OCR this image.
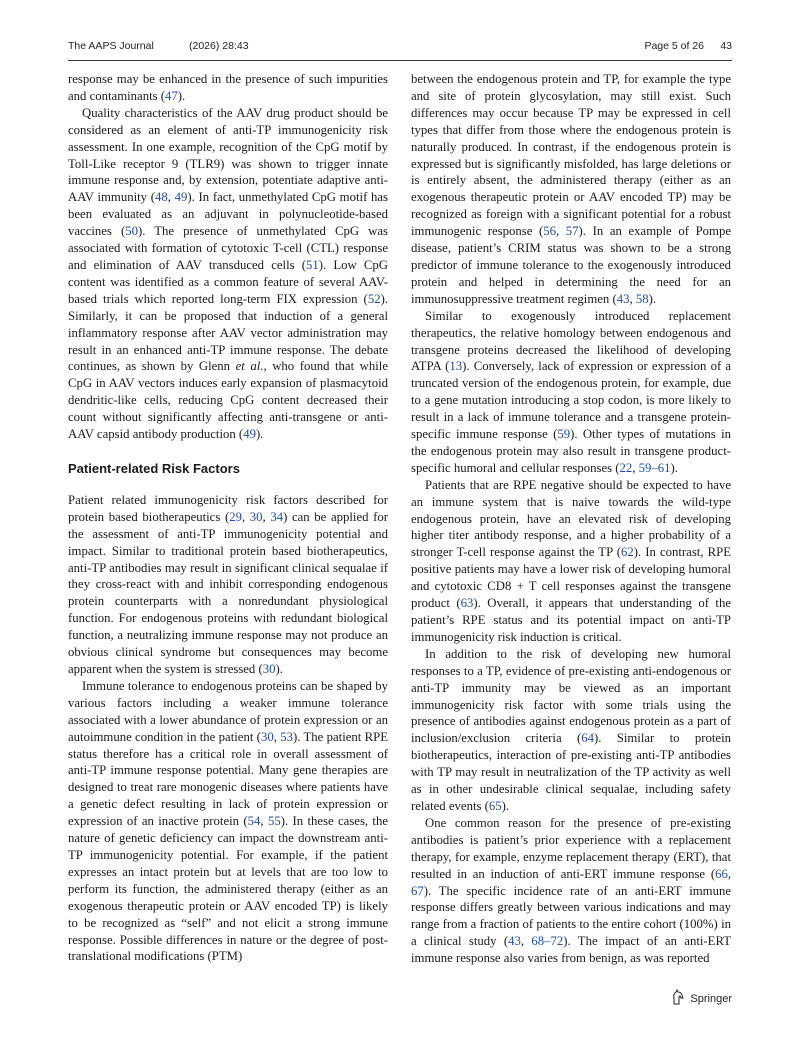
The AAPS Journal	(2026) 28:43	Page 5 of 26 43

response may be enhanced in the presence of such impurities and contaminants (47).

Quality characteristics of the AAV drug product should be considered as an element of anti-TP immunogenicity risk assessment. In one example, recognition of the CpG motif by Toll-Like receptor 9 (TLR9) was shown to trigger innate immune response and, by extension, potentiate adaptive anti-AAV immunity (48, 49). In fact, unmethylated CpG motif has been evaluated as an adjuvant in polynucleotide-based vaccines (50). The presence of unmethylated CpG was associated with formation of cytotoxic T-cell (CTL) response and elimination of AAV transduced cells (51). Low CpG content was identified as a common feature of several AAV-based trials which reported long-term FIX expression (52). Similarly, it can be proposed that induction of a general inflammatory response after AAV vector administration may result in an enhanced anti-TP immune response. The debate continues, as shown by Glenn et al., who found that while CpG in AAV vectors induces early expansion of plasmacytoid dendritic-like cells, reducing CpG content decreased their count without significantly affecting anti-transgene or anti-AAV capsid antibody production (49).

Patient-related Risk Factors

Patient related immunogenicity risk factors described for protein based biotherapeutics (29, 30, 34) can be applied for the assessment of anti-TP immunogenicity potential and impact. Similar to traditional protein based biotherapeutics, anti-TP antibodies may result in significant clinical sequalae if they cross-react with and inhibit corresponding endogenous protein counterparts with a nonredundant physiological function. For endogenous proteins with redundant biological function, a neutralizing immune response may not produce an obvious clinical syndrome but consequences may become apparent when the system is stressed (30).

Immune tolerance to endogenous proteins can be shaped by various factors including a weaker immune tolerance associated with a lower abundance of protein expression or an autoimmune condition in the patient (30, 53). The patient RPE status therefore has a critical role in overall assessment of anti-TP immune response potential. Many gene therapies are designed to treat rare monogenic diseases where patients have a genetic defect resulting in lack of protein expression or expression of an inactive protein (54, 55). In these cases, the nature of genetic deficiency can impact the downstream anti-TP immunogenicity potential. For example, if the patient expresses an intact protein but at levels that are too low to perform its function, the administered therapy (either as an exogenous therapeutic protein or AAV encoded TP) is likely to be recognized as “self” and not elicit a strong immune response. Possible differences in nature or the degree of post-translational modifications (PTM)

between the endogenous protein and TP, for example the type and site of protein glycosylation, may still exist. Such differences may occur because TP may be expressed in cell types that differ from those where the endogenous protein is naturally produced. In contrast, if the endogenous protein is expressed but is significantly misfolded, has large deletions or is entirely absent, the administered therapy (either as an exogenous therapeutic protein or AAV encoded TP) may be recognized as foreign with a significant potential for a robust immunogenic response (56, 57). In an example of Pompe disease, patient’s CRIM status was shown to be a strong predictor of immune tolerance to the exogenously introduced protein and helped in determining the need for an immunosuppressive treatment regimen (43, 58).

Similar to exogenously introduced replacement therapeutics, the relative homology between endogenous and transgene proteins decreased the likelihood of developing ATPA (13). Conversely, lack of expression or expression of a truncated version of the endogenous protein, for example, due to a gene mutation introducing a stop codon, is more likely to result in a lack of immune tolerance and a transgene protein-specific immune response (59). Other types of mutations in the endogenous protein may also result in transgene product-specific humoral and cellular responses (22, 59–61).

Patients that are RPE negative should be expected to have an immune system that is naive towards the wild-type endogenous protein, have an elevated risk of developing higher titer antibody response, and a higher probability of a stronger T-cell response against the TP (62). In contrast, RPE positive patients may have a lower risk of developing humoral and cytotoxic CD8 + T cell responses against the transgene product (63). Overall, it appears that understanding of the patient’s RPE status and its potential impact on anti-TP immunogenicity risk induction is critical.

In addition to the risk of developing new humoral responses to a TP, evidence of pre-existing anti-endogenous or anti-TP immunity may be viewed as an important immunogenicity risk factor with some trials using the presence of antibodies against endogenous protein as a part of inclusion/exclusion criteria (64). Similar to protein biotherapeutics, interaction of pre-existing anti-TP antibodies with TP may result in neutralization of the TP activity as well as in other undesirable clinical sequalae, including safety related events (65).

One common reason for the presence of pre-existing antibodies is patient’s prior experience with a replacement therapy, for example, enzyme replacement therapy (ERT), that resulted in an induction of anti-ERT immune response (66, 67). The specific incidence rate of an anti-ERT immune response differs greatly between various indications and may range from a fraction of patients to the entire cohort (100%) in a clinical study (43, 68–72). The impact of an anti-ERT immune response also varies from benign, as was reported

Springer
